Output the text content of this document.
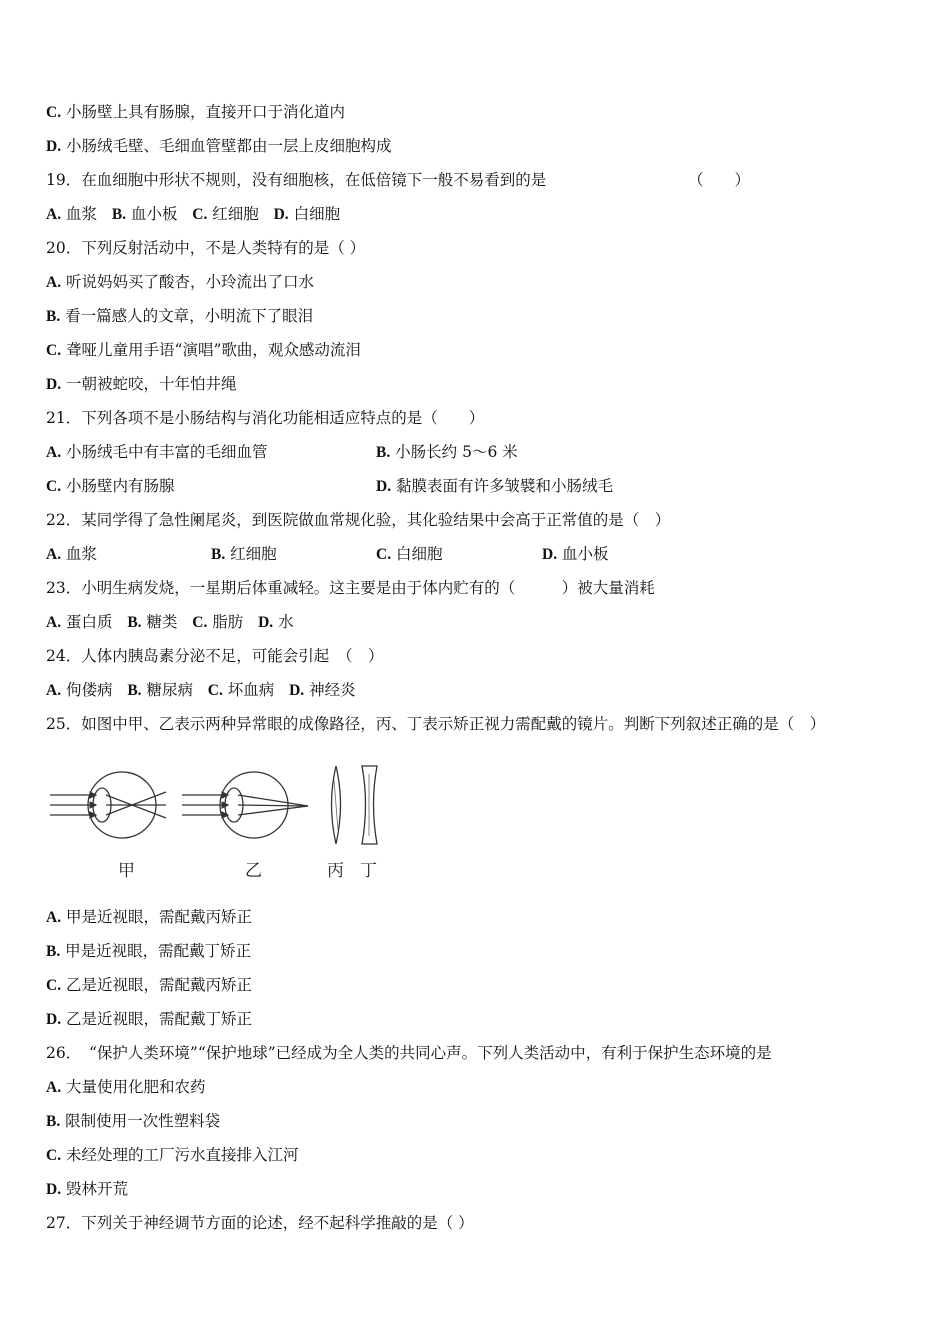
C. 小肠壁上具有肠腺，直接开口于消化道内
D. 小肠绒毛壁、毛细血管壁都由一层上皮细胞构成
19．在血细胞中形状不规则，没有细胞核，在低倍镜下一般不易看到的是	（　　）
A. 血浆 B. 血小板 C. 红细胞 D. 白细胞
20．下列反射活动中，不是人类特有的是（ ）
A. 听说妈妈买了酸杏，小玲流出了口水
B. 看一篇感人的文章，小明流下了眼泪
C. 聋哑儿童用手语“演唱”歌曲，观众感动流泪
D. 一朝被蛇咬，十年怕井绳
21．下列各项不是小肠结构与消化功能相适应特点的是（　　）
A. 小肠绒毛中有丰富的毛细血管	B. 小肠长约 5～6 米
C. 小肠壁内有肠腺	D. 黏膜表面有许多皱襞和小肠绒毛
22．某同学得了急性阑尾炎，到医院做血常规化验，其化验结果中会高于正常值的是（　）
A. 血浆	B. 红细胞	C. 白细胞	D. 血小板
23．小明生病发烧，一星期后体重减轻。这主要是由于体内贮有的（　　　）被大量消耗
A. 蛋白质 B. 糖类 C. 脂肪 D. 水
24．人体内胰岛素分泌不足，可能会引起　（　）
A. 佝偻病 B. 糖尿病 C. 坏血病 D. 神经炎
25．如图中甲、乙表示两种异常眼的成像路径，丙、丁表示矫正视力需配戴的镜片。判断下列叙述正确的是（　）
甲	乙	丙 丁
A. 甲是近视眼，需配戴丙矫正
B. 甲是近视眼，需配戴丁矫正
C. 乙是近视眼，需配戴丙矫正
D. 乙是近视眼，需配戴丁矫正
26．　“保护人类环境”“保护地球”已经成为全人类的共同心声。下列人类活动中，有利于保护生态环境的是
A. 大量使用化肥和农药
B. 限制使用一次性塑料袋
C. 未经处理的工厂污水直接排入江河
D. 毁林开荒
27．下列关于神经调节方面的论述，经不起科学推敲的是（ ）
